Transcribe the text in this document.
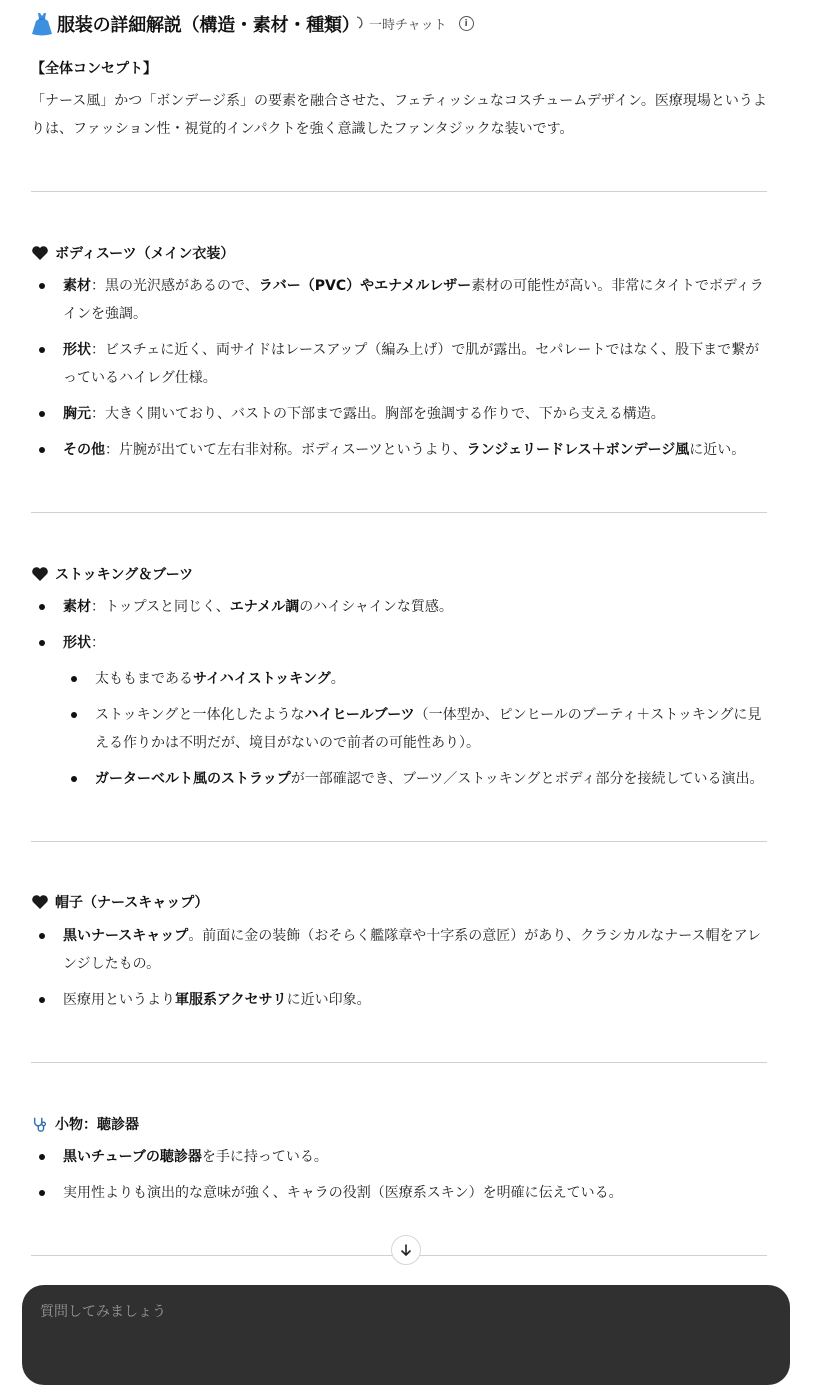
服装の詳細解説（構造・素材・種類） 一時チャット	i
【全体コンセプト】
「ナース風」かつ「ボンデージ系」の要素を融合させた、フェティッシュなコスチュームデザイン。医療現場というよりは、ファッション性・視覚的インパクトを強く意識したファンタジックな装いです。
ボディスーツ（メイン衣装）
素材：黒の光沢感があるので、ラバー（PVC）やエナメルレザー素材の可能性が高い。非常にタイトでボディラインを強調。
形状：ビスチェに近く、両サイドはレースアップ（編み上げ）で肌が露出。セパレートではなく、股下まで繋がっているハイレグ仕様。
胸元：大きく開いており、バストの下部まで露出。胸部を強調する作りで、下から支える構造。
その他：片腕が出ていて左右非対称。ボディスーツというより、ランジェリードレス＋ボンデージ風に近い。
ストッキング＆ブーツ
素材：トップスと同じく、エナメル調のハイシャインな質感。
形状：
太ももまであるサイハイストッキング。
ストッキングと一体化したようなハイヒールブーツ（一体型か、ピンヒールのブーティ＋ストッキングに見える作りかは不明だが、境目がないので前者の可能性あり）。
ガーターベルト風のストラップが一部確認でき、ブーツ／ストッキングとボディ部分を接続している演出。
帽子（ナースキャップ）
黒いナースキャップ。前面に金の装飾（おそらく艦隊章や十字系の意匠）があり、クラシカルなナース帽をアレンジしたもの。
医療用というより軍服系アクセサリに近い印象。
小物：聴診器
黒いチューブの聴診器を手に持っている。
実用性よりも演出的な意味が強く、キャラの役割（医療系スキン）を明確に伝えている。
質問してみましょう
